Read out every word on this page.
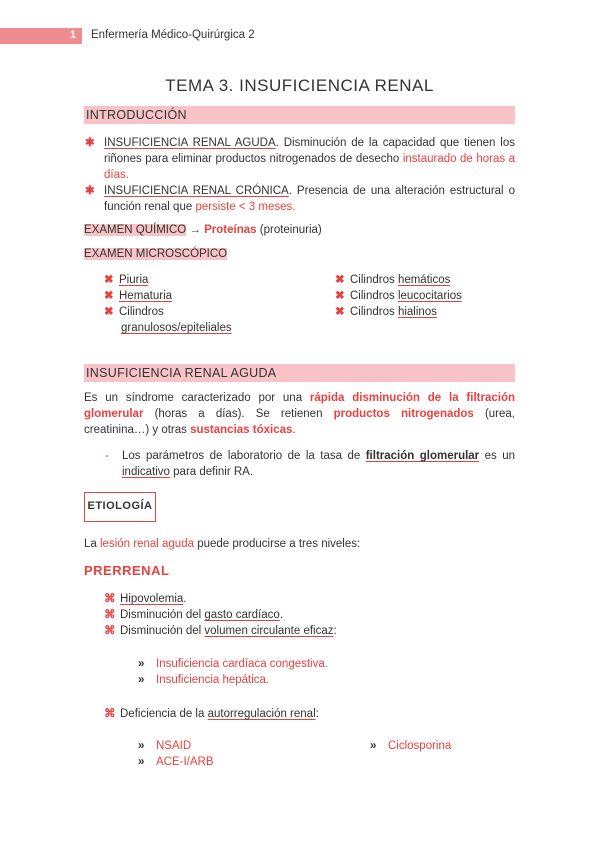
1 Enfermería Médico-Quirúrgica 2
TEMA 3. INSUFICIENCIA RENAL
INTRODUCCIÓN
✱ INSUFICIENCIA RENAL AGUDA. Disminución de la capacidad que tienen los riñones para eliminar productos nitrogenados de desecho instaurado de horas a días.
✱ INSUFICIENCIA RENAL CRÓNICA. Presencia de una alteración estructural o función renal que persiste < 3 meses.
EXAMEN QUÍMICO → Proteínas (proteinuria)
EXAMEN MICROSCÓPICO
✖ Piuria
✖ Hematuria
✖ Cilindros
granulosos/epiteliales
✖ Cilindros hemáticos
✖ Cilindros leucocitarios
✖ Cilindros hialinos
INSUFICIENCIA RENAL AGUDA
Es un síndrome caracterizado por una rápida disminución de la filtración glomerular (horas a días). Se retienen productos nitrogenados (urea, creatinina…) y otras sustancias tóxicas.
- Los parámetros de laboratorio de la tasa de filtración glomerular es un indicativo para definir RA.
ETIOLOGÍA
La lesión renal aguda puede producirse a tres niveles:
PRERRENAL
⌘ Hipovolemia.
⌘ Disminución del gasto cardíaco.
⌘ Disminución del volumen circulante eficaz:
» Insuficiencia cardíaca congestiva.
» Insuficiencia hepática.
⌘ Deficiencia de la autorregulación renal:
» NSAID
» ACE-I/ARB
» Ciclosporina
